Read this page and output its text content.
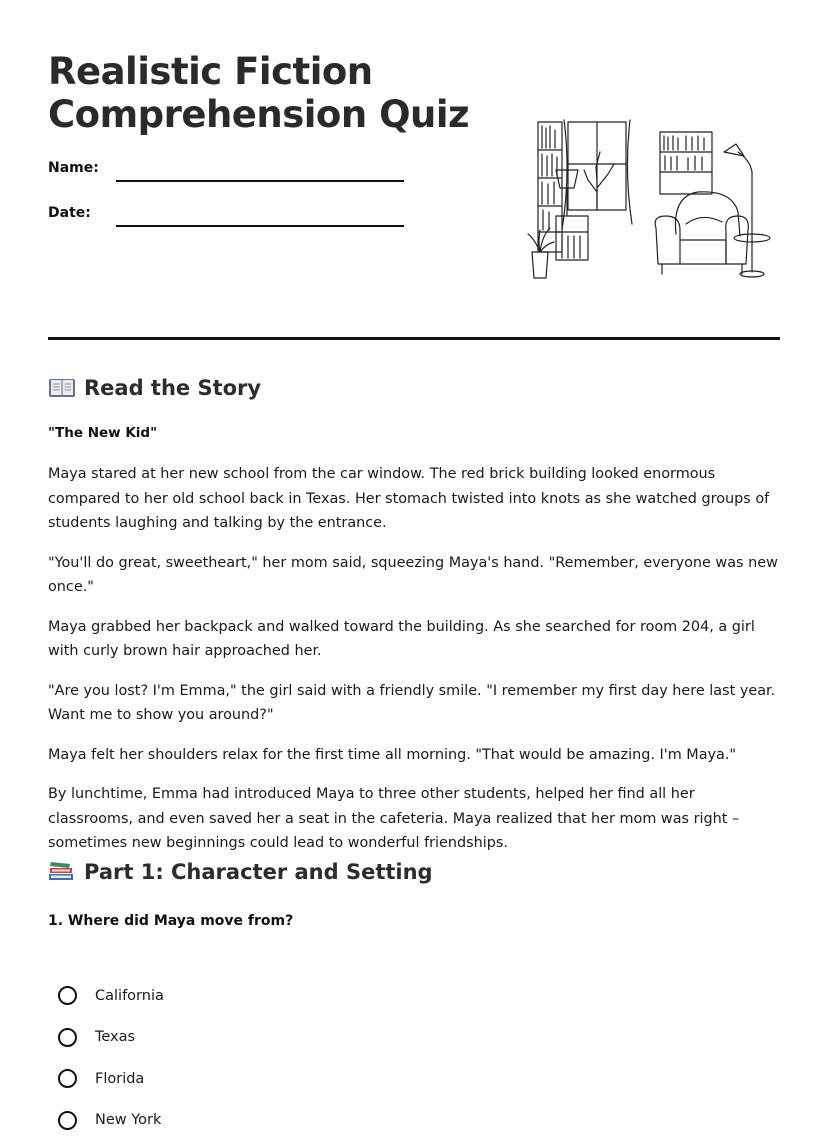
Realistic Fiction Comprehension Quiz
Name:
Date:
Read the Story
"The New Kid"

Maya stared at her new school from the car window. The red brick building looked enormous compared to her old school back in Texas. Her stomach twisted into knots as she watched groups of students laughing and talking by the entrance.

"You'll do great, sweetheart," her mom said, squeezing Maya's hand. "Remember, everyone was new once."

Maya grabbed her backpack and walked toward the building. As she searched for room 204, a girl with curly brown hair approached her.

"Are you lost? I'm Emma," the girl said with a friendly smile. "I remember my first day here last year. Want me to show you around?"

Maya felt her shoulders relax for the first time all morning. "That would be amazing. I'm Maya."

By lunchtime, Emma had introduced Maya to three other students, helped her find all her classrooms, and even saved her a seat in the cafeteria. Maya realized that her mom was right – sometimes new beginnings could lead to wonderful friendships.

Part 1: Character and Setting
1. Where did Maya move from?
California
Texas
Florida
New York
